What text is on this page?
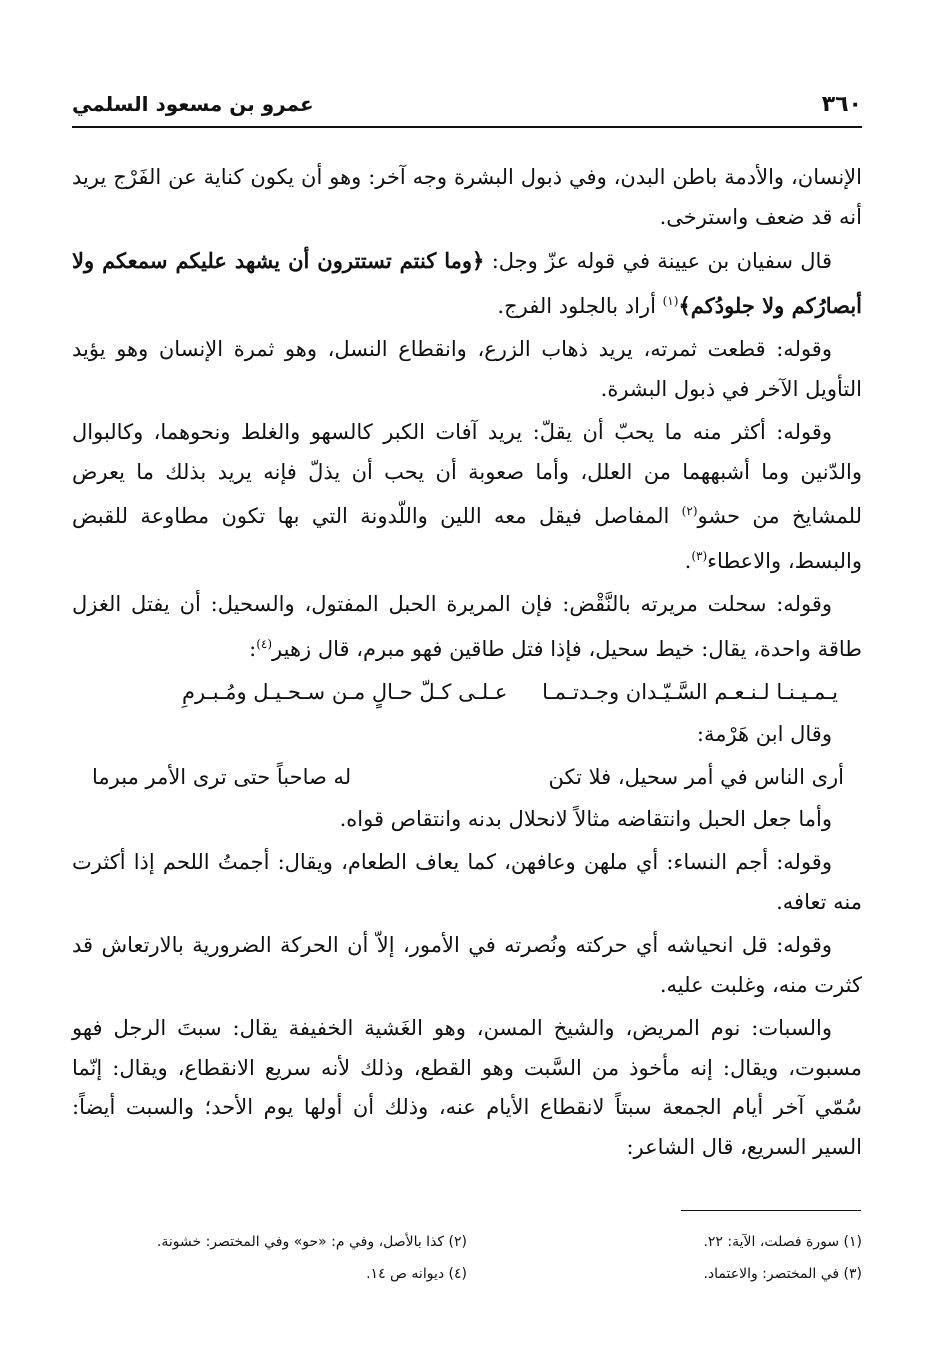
٣٦٠
عمرو بن مسعود السلمي

الإنسان، والأدمة باطن البدن، وفي ذبول البشرة وجه آخر: وهو أن يكون كناية عن الفَرْج يريد أنه قد ضعف واسترخى.

قال سفيان بن عيينة في قوله عزّ وجل: ﴿وما كنتم تستترون أن يشهد عليكم سمعكم ولا أبصارُكم ولا جلودُكم﴾$^{(١)}$ أراد بالجلود الفرج.

وقوله: قطعت ثمرته، يريد ذهاب الزرع، وانقطاع النسل، وهو ثمرة الإنسان وهو يؤيد التأويل الآخر في ذبول البشرة.

وقوله: أكثر منه ما يحبّ أن يقلّ: يريد آفات الكبر كالسهو والغلط ونحوهما، وكالبوال والدّنين وما أشبههما من العلل، وأما صعوبة أن يحب أن يذلّ فإنه يريد بذلك ما يعرض للمشايخ من حشو$^{(٢)}$ المفاصل فيقل معه اللين واللّدونة التي بها تكون مطاوعة للقبض والبسط، والاعطاء$^{(٣)}$.

وقوله: سحلت مريرته بالنَّقْض: فإن المريرة الحبل المفتول، والسحيل: أن يفتل الغزل طاقة واحدة، يقال: خيط سحيل، فإذا فتل طاقين فهو مبرم، قال زهير$^{(٤)}$:

يـمـيـنـا لـنـعـم السَّـيّـدان وجـدتـمـا
عـلـى كـلّ حـالٍ مـن سـحـيـل ومُـبـرمِ

وقال ابن هَرْمة:

أرى الناس في أمر سحيل، فلا تكن
له صاحباً حتى ترى الأمر مبرما

وأما جعل الحبل وانتقاضه مثالاً لانحلال بدنه وانتقاص قواه.

وقوله: أجم النساء: أي ملهن وعافهن، كما يعاف الطعام، ويقال: أجمتُ اللحم إذا أكثرت منه تعافه.

وقوله: قل انحياشه أي حركته ونُصرته في الأمور، إلاّ أن الحركة الضرورية بالارتعاش قد كثرت منه، وغلبت عليه.

والسبات: نوم المريض، والشيخ المسن، وهو الغَشية الخفيفة يقال: سبتَ الرجل فهو مسبوت، ويقال: إنه مأخوذ من السَّبت وهو القطع، وذلك لأنه سريع الانقطاع، ويقال: إنّما سُمّي آخر أيام الجمعة سبتاً لانقطاع الأيام عنه، وذلك أن أولها يوم الأحد؛ والسبت أيضاً: السير السريع، قال الشاعر:

(١) سورة فصلت، الآية: ٢٢.
(٢) كذا بالأصل، وفي م: «حو» وفي المختصر: خشونة.
(٣) في المختصر: والاعتماد.
(٤) ديوانه ص ١٤.
